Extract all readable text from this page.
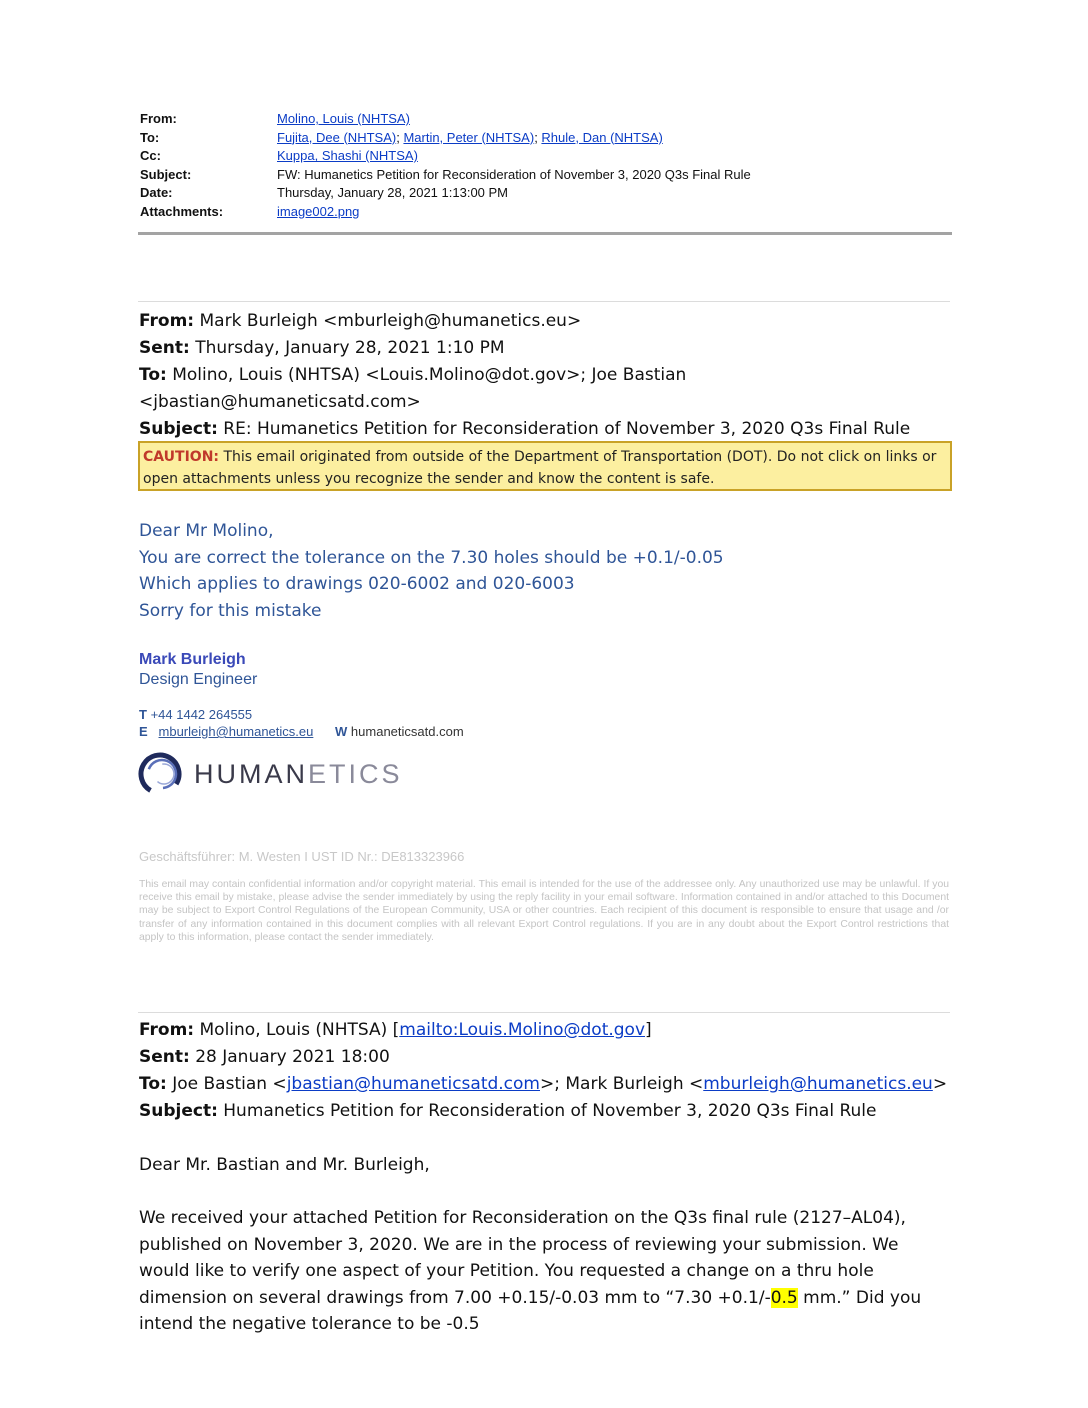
From:	Molino, Louis (NHTSA)
To:	Fujita, Dee (NHTSA); Martin, Peter (NHTSA); Rhule, Dan (NHTSA)
Cc:	Kuppa, Shashi (NHTSA)
Subject:	FW: Humanetics Petition for Reconsideration of November 3, 2020 Q3s Final Rule
Date:	Thursday, January 28, 2021 1:13:00 PM
Attachments:	image002.png
From: Mark Burleigh <mburleigh@humanetics.eu>
Sent: Thursday, January 28, 2021 1:10 PM
To: Molino, Louis (NHTSA) <Louis.Molino@dot.gov>; Joe Bastian <jbastian@humaneticsatd.com>
Subject: RE: Humanetics Petition for Reconsideration of November 3, 2020 Q3s Final Rule
CAUTION: This email originated from outside of the Department of Transportation (DOT). Do not click on links or open attachments unless you recognize the sender and know the content is safe.
Dear Mr Molino,
You are correct the tolerance on the 7.30 holes should be +0.1/-0.05
Which applies to drawings 020-6002 and 020-6003
Sorry for this mistake
Mark Burleigh
Design Engineer
T +44 1442 264555
E mburleigh@humanetics.eu W humaneticsatd.com
HUMANETICS
Geschäftsführer: M. Westen I UST ID Nr.: DE813323966
This email may contain confidential information and/or copyright material. This email is intended for the use of the addressee only. Any unauthorized use may be unlawful. If you receive this email by mistake, please advise the sender immediately by using the reply facility in your email software. Information contained in and/or attached to this Document may be subject to Export Control Regulations of the European Community, USA or other countries. Each recipient of this document is responsible to ensure that usage and /or transfer of any information contained in this document complies with all relevant Export Control regulations. If you are in any doubt about the Export Control restrictions that apply to this information, please contact the sender immediately.
From: Molino, Louis (NHTSA) [mailto:Louis.Molino@dot.gov]
Sent: 28 January 2021 18:00
To: Joe Bastian <jbastian@humaneticsatd.com>; Mark Burleigh <mburleigh@humanetics.eu>
Subject: Humanetics Petition for Reconsideration of November 3, 2020 Q3s Final Rule
Dear Mr. Bastian and Mr. Burleigh,
We received your attached Petition for Reconsideration on the Q3s final rule (2127–AL04), published on November 3, 2020. We are in the process of reviewing your submission. We would like to verify one aspect of your Petition. You requested a change on a thru hole dimension on several drawings from 7.00 +0.15/-0.03 mm to “7.30 +0.1/-0.5 mm.” Did you intend the negative tolerance to be -0.5
